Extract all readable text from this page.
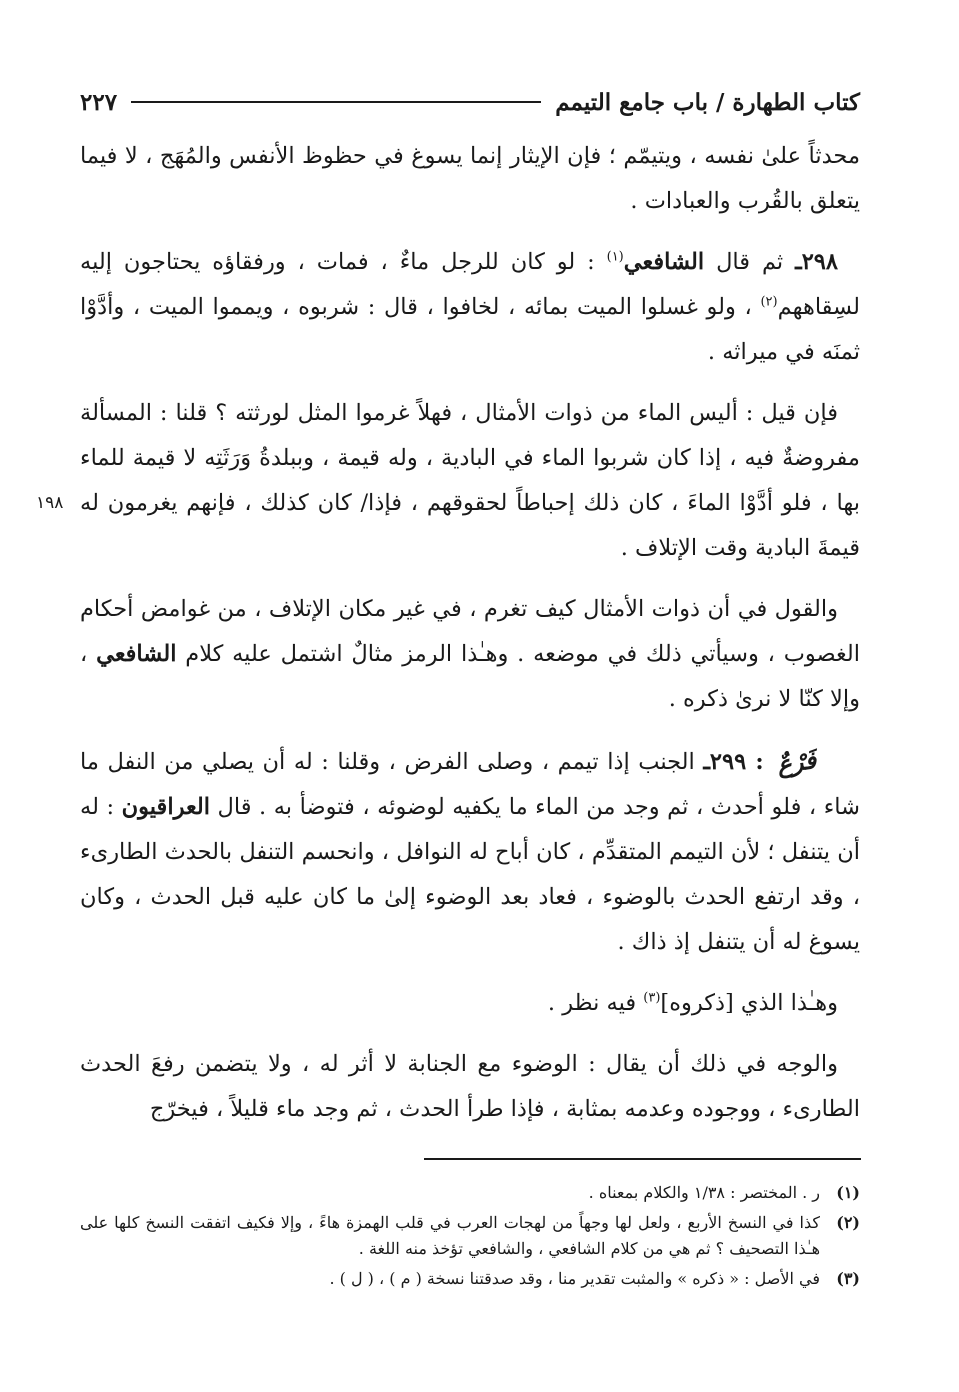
كتاب الطهارة / باب جامع التيمم
٢٢٧

محدثاً علىٰ نفسه ، ويتيمّم ؛ فإن الإيثار إنما يسوغ في حظوظ الأنفس والمُهَج ، لا فيما يتعلق بالقُرب والعبادات .

٢٩٨ـ ثم قال الشافعي$^{(١)}$ : لو كان للرجل ماءٌ ، فمات ، ورفقاؤه يحتاجون إليه لسِقاههم$^{(٢)}$ ، ولو غسلوا الميت بمائه ، لخافوا ، قال : شربوه ، ويمموا الميت ، وأدَّوْا ثمنَه في ميراثه .

فإن قيل : أليس الماء من ذوات الأمثال ، فهلاً غرموا المثل لورثته ؟ قلنا : المسألة مفروضةٌ فيه ، إذا كان شربوا الماء في البادية ، وله قيمة ، وببلدةُ وَرَثَتِه لا قيمة للماء بها ، فلو أدَّوْا الماءَ ، كان ذلك إحباطاً لحقوقهم ، فإذا/ كان كذلك ، فإنهم يغرمون له قيمةَ البادية وقت الإتلاف .

والقول في أن ذوات الأمثال كيف تغرم ، في غير مكان الإتلاف ، من غوامض أحكام الغصوب ، وسيأتي ذلك في موضعه . وهـٰذا الرمز مثالٌ اشتمل عليه كلام الشافعي ، وإلا كنّا لا نرىٰ ذكره .

فَرْعٌ : ٢٩٩ـ الجنب إذا تيمم ، وصلى الفرض ، وقلنا : له أن يصلي من النفل ما شاء ، فلو أحدث ، ثم وجد من الماء ما يكفيه لوضوئه ، فتوضأ به . قال العراقيون : له أن يتنفل ؛ لأن التيمم المتقدِّم ، كان أباح له النوافل ، وانحسم التنفل بالحدث الطارىء ، وقد ارتفع الحدث بالوضوء ، فعاد بعد الوضوء إلىٰ ما كان عليه قبل الحدث ، وكان يسوغ له أن يتنفل إذ ذاك .

وهـٰذا الذي [ذكروه]$^{(٣)}$ فيه نظر .

والوجه في ذلك أن يقال : الوضوء مع الجنابة لا أثر له ، ولا يتضمن رفعَ الحدث الطارىء ، ووجوده وعدمه بمثابة ، فإذا طرأ الحدث ، ثم وجد ماء قليلاً ، فيخرّج

١٩٨
(١)
ر . المختصر : ١/٣٨ والكلام بمعناه .
(٢)
كذا في النسخ الأربع ، ولعل لها وجهاً من لهجات العرب في قلب الهمزة هاءً ، وإلا فكيف اتفقت النسخ كلها على هـٰذا التصحيف ؟ ثم هي من كلام الشافعي ، والشافعي تؤخذ منه اللغة .
(٣)
في الأصل : « ذكره » والمثبت تقدير منا ، وقد صدقتنا نسخة ( م ) ، ( ل ) .
